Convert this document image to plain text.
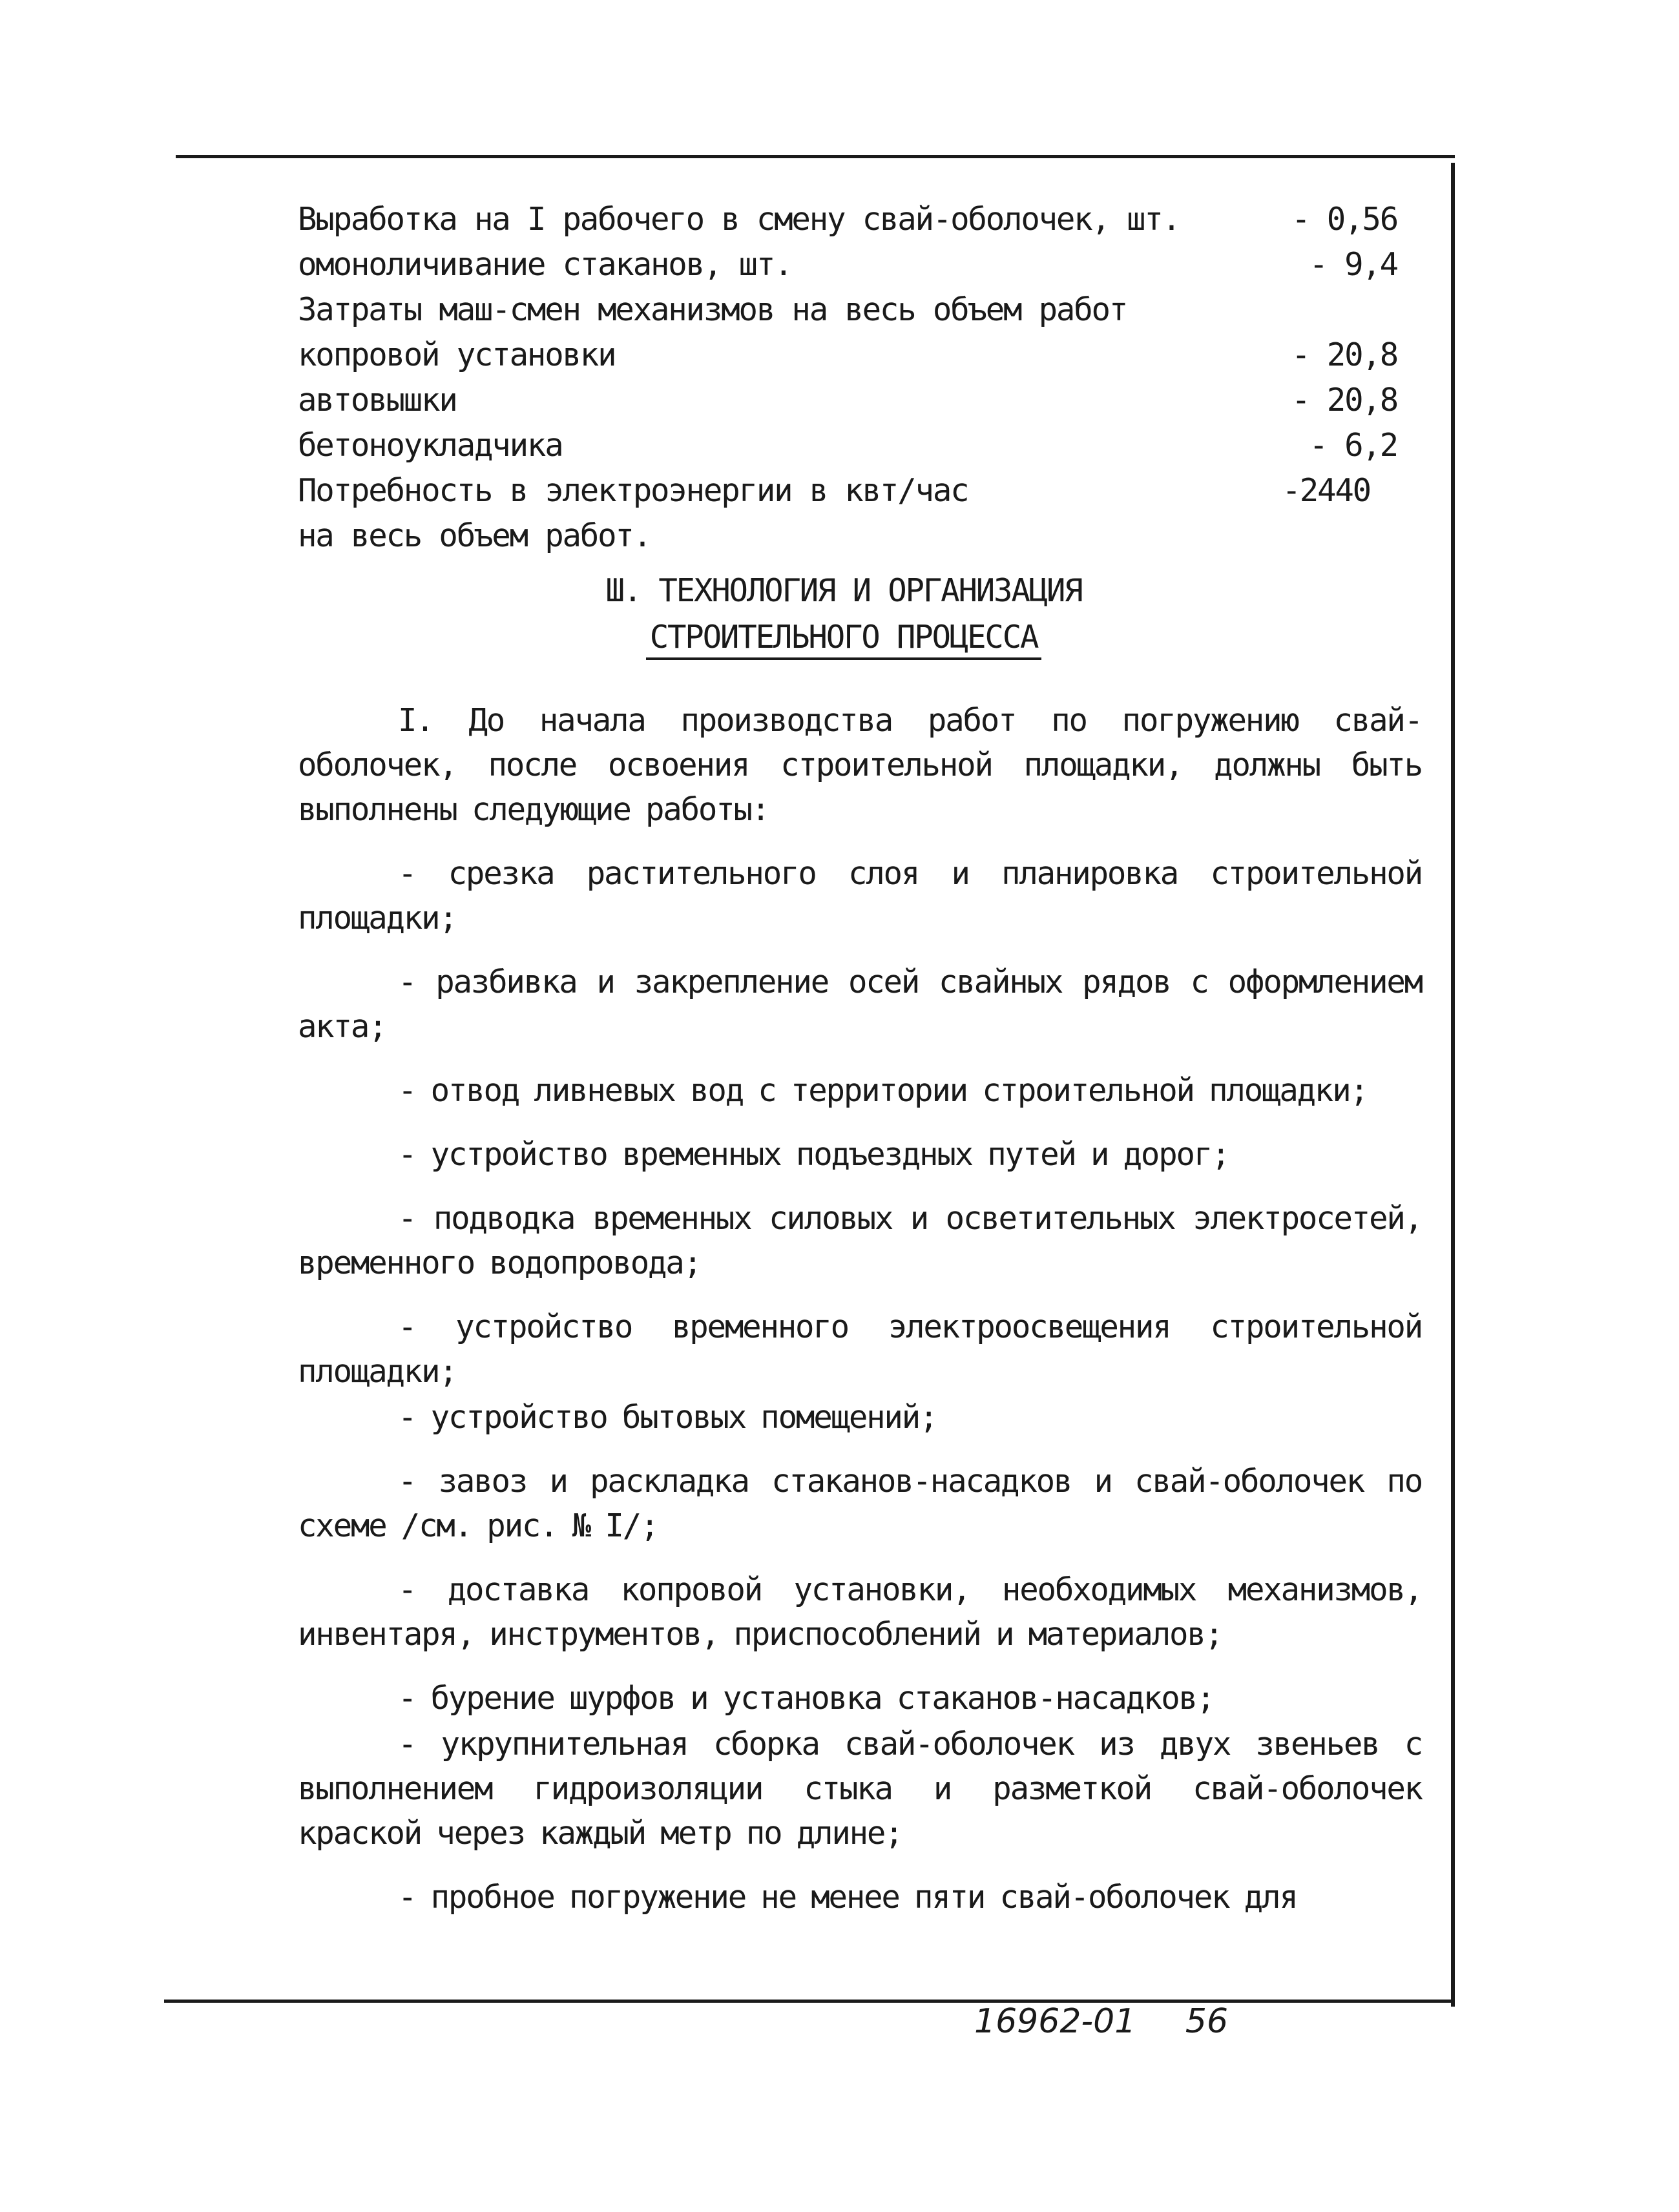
Выработка на I рабочего в смену свай-оболочек, шт.	- 0,56
омоноличивание стаканов, шт.	- 9,4
Затраты маш-смен механизмов на весь объем работ
копровой установки	- 20,8
автовышки	- 20,8
бетоноукладчика	- 6,2
Потребность в электроэнергии в квт/час	-2440
на весь объем работ.
Ш. ТЕХНОЛОГИЯ И ОРГАНИЗАЦИЯ
СТРОИТЕЛЬНОГО ПРОЦЕССА
I. До начала производства работ по погружению свай-оболочек, после освоения строительной площадки, должны быть выполнены следующие работы:
- срезка растительного слоя и планировка строительной площадки;
- разбивка и закрепление осей свайных рядов с оформлением акта;
- отвод ливневых вод с территории строительной площадки;
- устройство временных подъездных путей и дорог;
- подводка временных силовых и осветительных электросетей, временного водопровода;
- устройство временного электроосвещения строительной площадки;
- устройство бытовых помещений;
- завоз и раскладка стаканов-насадков и свай-оболочек по схеме /см. рис. № I/;
- доставка копровой установки, необходимых механизмов, инвентаря, инструментов, приспособлений и материалов;
- бурение шурфов и установка стаканов-насадков;
- укрупнительная сборка свай-оболочек из двух звеньев с выполнением гидроизоляции стыка и разметкой свай-оболочек краской через каждый метр по длине;
- пробное погружение не менее пяти свай-оболочек для
16962-01 56
